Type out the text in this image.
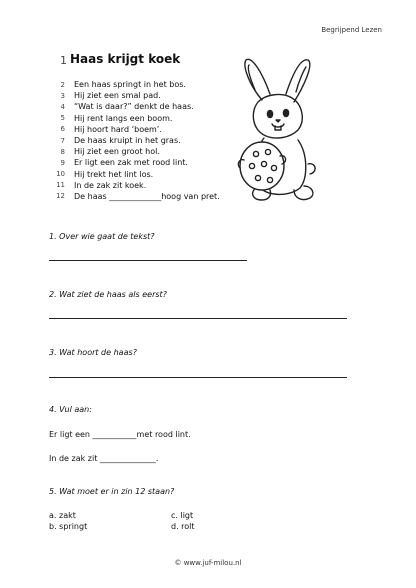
Begrijpend Lezen
1 Haas krijgt koek
2 Een haas springt in het bos.
3 Hij ziet een smal pad.
4 “Wat is daar?” denkt de haas.
5 Hij rent langs een boom.
6 Hij hoort hard ‘boem’.
7 De haas kruipt in het gras.
8 Hij ziet een groot hol.
9 Er ligt een zak met rood lint.
10 Hij trekt het lint los.
11 In de zak zit koek.
12 De haas _____________hoog van pret.
1. Over wie gaat de tekst?
2. Wat ziet de haas als eerst?
3. Wat hoort de haas?
4. Vul aan:
Er ligt een ___________met rood lint.
In de zak zit ______________.
5. Wat moet er in zin 12 staan?
a. zakt	c. ligt
b. springt	d. rolt
© www.juf-milou.nl
